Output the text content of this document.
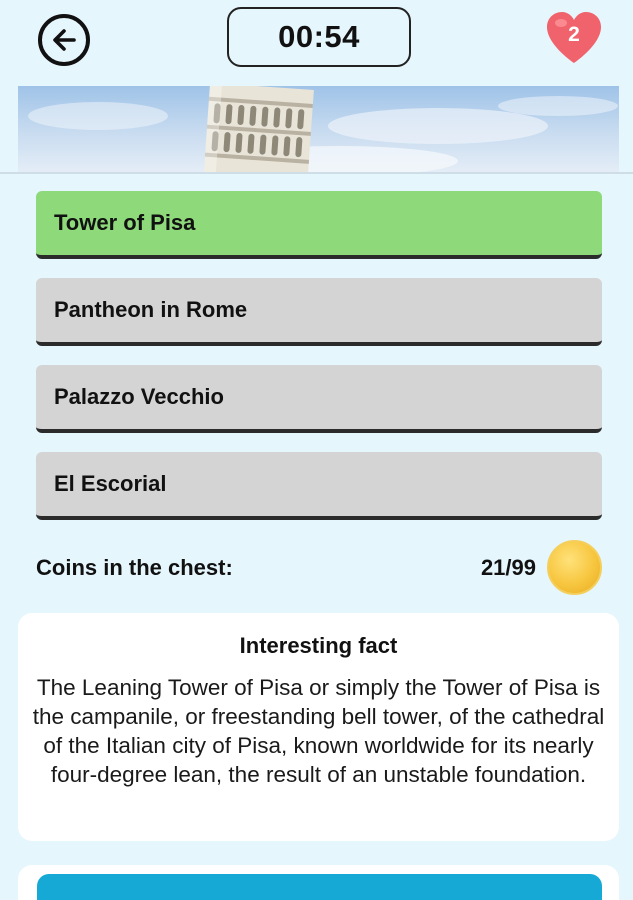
00:54	2
Tower of Pisa
Pantheon in Rome
Palazzo Vecchio
El Escorial
Coins in the chest:	21/99
Interesting fact
The Leaning Tower of Pisa or simply the Tower of Pisa is the campanile, or freestanding bell tower, of the cathedral of the Italian city of Pisa, known worldwide for its nearly four-degree lean, the result of an unstable foundation.
